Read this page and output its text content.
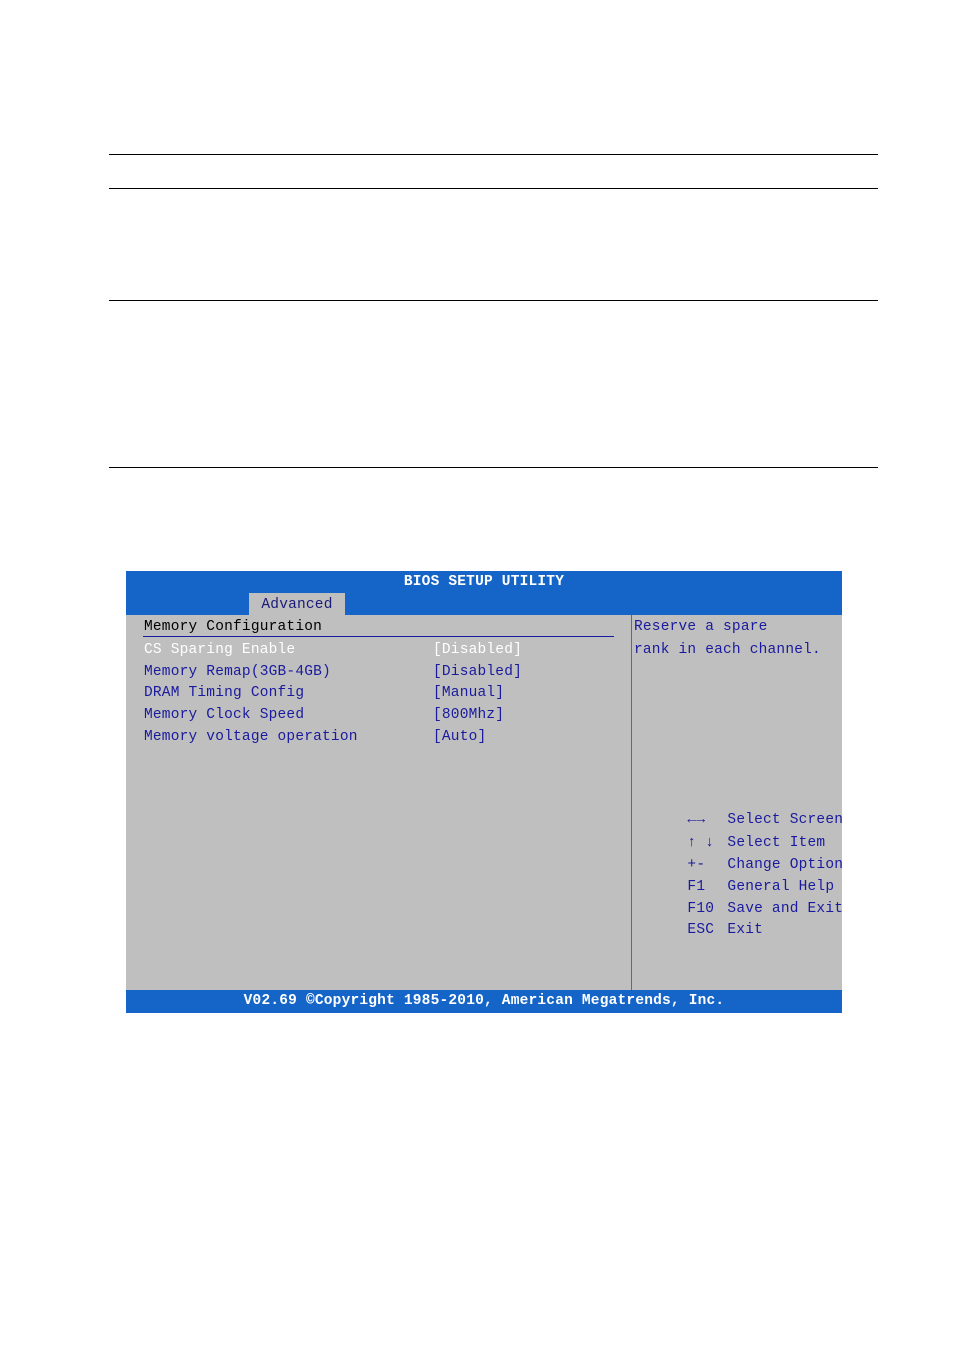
BIOS SETUP UTILITY
Advanced
Memory Configuration
CS Sparing Enable	[Disabled]
Memory Remap(3GB-4GB)	[Disabled]
DRAM Timing Config	[Manual]
Memory Clock Speed	[800Mhz]
Memory voltage operation	[Auto]
Reserve a spare
rank in each channel.

←→ Select Screen

↑ ↓ Select Item

+- Change Option

F1 General Help

F10 Save and Exit

ESC Exit

V02.69 ©Copyright 1985-2010, American Megatrends, Inc.
